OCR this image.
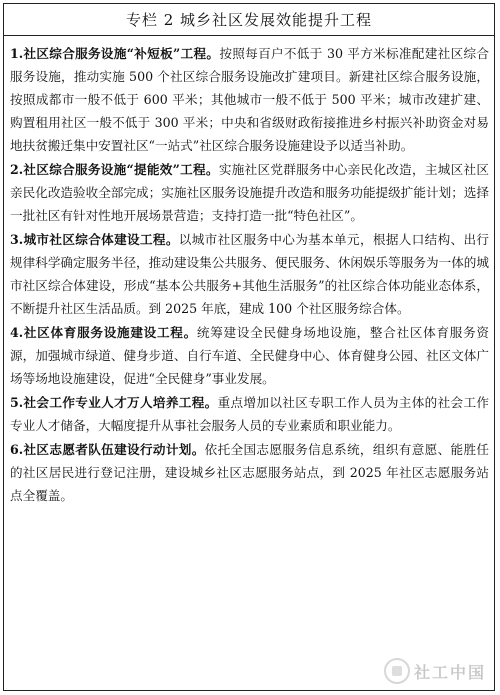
专栏 2 城乡社区发展效能提升工程
1.社区综合服务设施“补短板”工程。按照每百户不低于 30 平方米标准配建社区综合服务设施，推动实施 500 个社区综合服务设施改扩建项目。新建社区综合服务设施，按照成都市一般不低于 600 平米；其他城市一般不低于 500 平米；城市改建扩建、购置租用社区一般不低于 300 平米；中央和省级财政衔接推进乡村振兴补助资金对易地扶贫搬迁集中安置社区“一站式”社区综合服务设施建设予以适当补助。
2.社区综合服务设施“提能效”工程。实施社区党群服务中心亲民化改造，主城区社区亲民化改造验收全部完成；实施社区服务设施提升改造和服务功能提级扩能计划；选择一批社区有针对性地开展场景营造；支持打造一批“特色社区”。
3.城市社区综合体建设工程。以城市社区服务中心为基本单元，根据人口结构、出行规律科学确定服务半径，推动建设集公共服务、便民服务、休闲娱乐等服务为一体的城市社区综合体建设，形成“基本公共服务+其他生活服务”的社区综合体功能业态体系，不断提升社区生活品质。到 2025 年底，建成 100 个社区服务综合体。
4.社区体育服务设施建设工程。统筹建设全民健身场地设施，整合社区体育服务资源，加强城市绿道、健身步道、自行车道、全民健身中心、体育健身公园、社区文体广场等场地设施建设，促进“全民健身”事业发展。
5.社会工作专业人才万人培养工程。重点增加以社区专职工作人员为主体的社会工作专业人才储备，大幅度提升从事社会服务人员的专业素质和职业能力。
6.社区志愿者队伍建设行动计划。依托全国志愿服务信息系统，组织有意愿、能胜任的社区居民进行登记注册，建设城乡社区志愿服务站点，到 2025 年社区志愿服务站点全覆盖。
社工中国
